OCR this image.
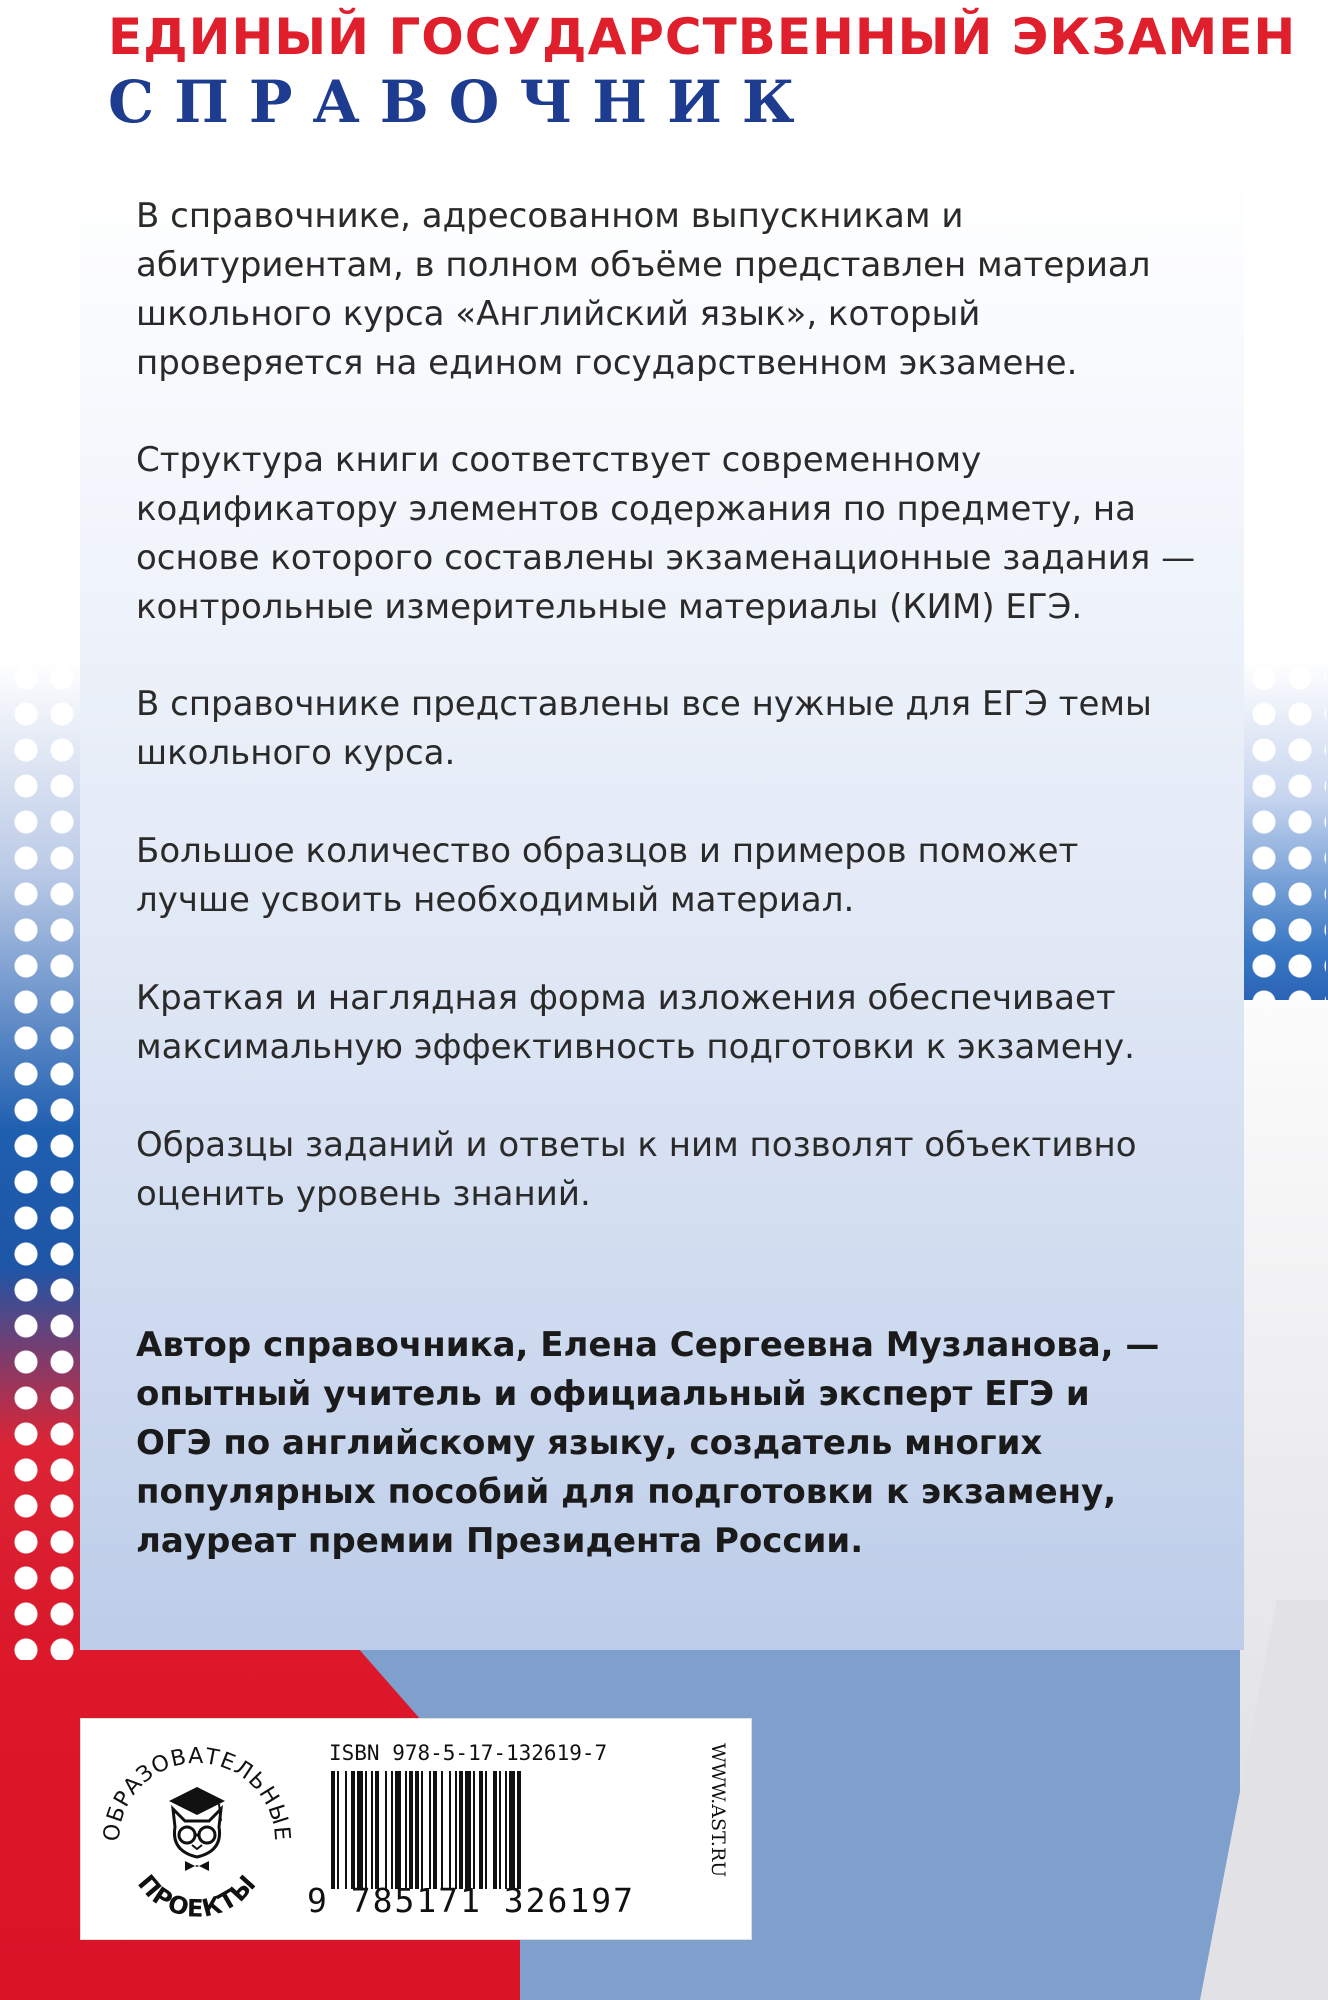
ЕДИНЫЙ ГОСУДАРСТВЕННЫЙ ЭКЗАМЕН
СПРАВОЧНИК

В справочнике, адресованном выпускникам и абитуриентам, в полном объёме представлен материал школьного курса «Английский язык», который проверяется на едином государственном экзамене.

Структура книги соответствует современному кодификатору элементов содержания по предмету, на основе которого составлены экзаменационные задания — контрольные измерительные материалы (КИМ) ЕГЭ.

В справочнике представлены все нужные для ЕГЭ темы школьного курса.

Большое количество образцов и примеров поможет лучше усвоить необходимый материал.

Краткая и наглядная форма изложения обеспечивает максимальную эффективность подготовки к экзамену.

Образцы заданий и ответы к ним позволят объективно оценить уровень знаний.

Автор справочника, Елена Сергеевна Музланова, — опытный учитель и официальный эксперт ЕГЭ и ОГЭ по английскому языку, создатель многих популярных пособий для подготовки к экзамену, лауреат премии Президента России.

ОБРАЗОВАТЕЛЬНЫЕ
ПРОЕКТЫ
ISBN 978-5-17-132619-7
9 785171 326197
WWW.AST.RU
